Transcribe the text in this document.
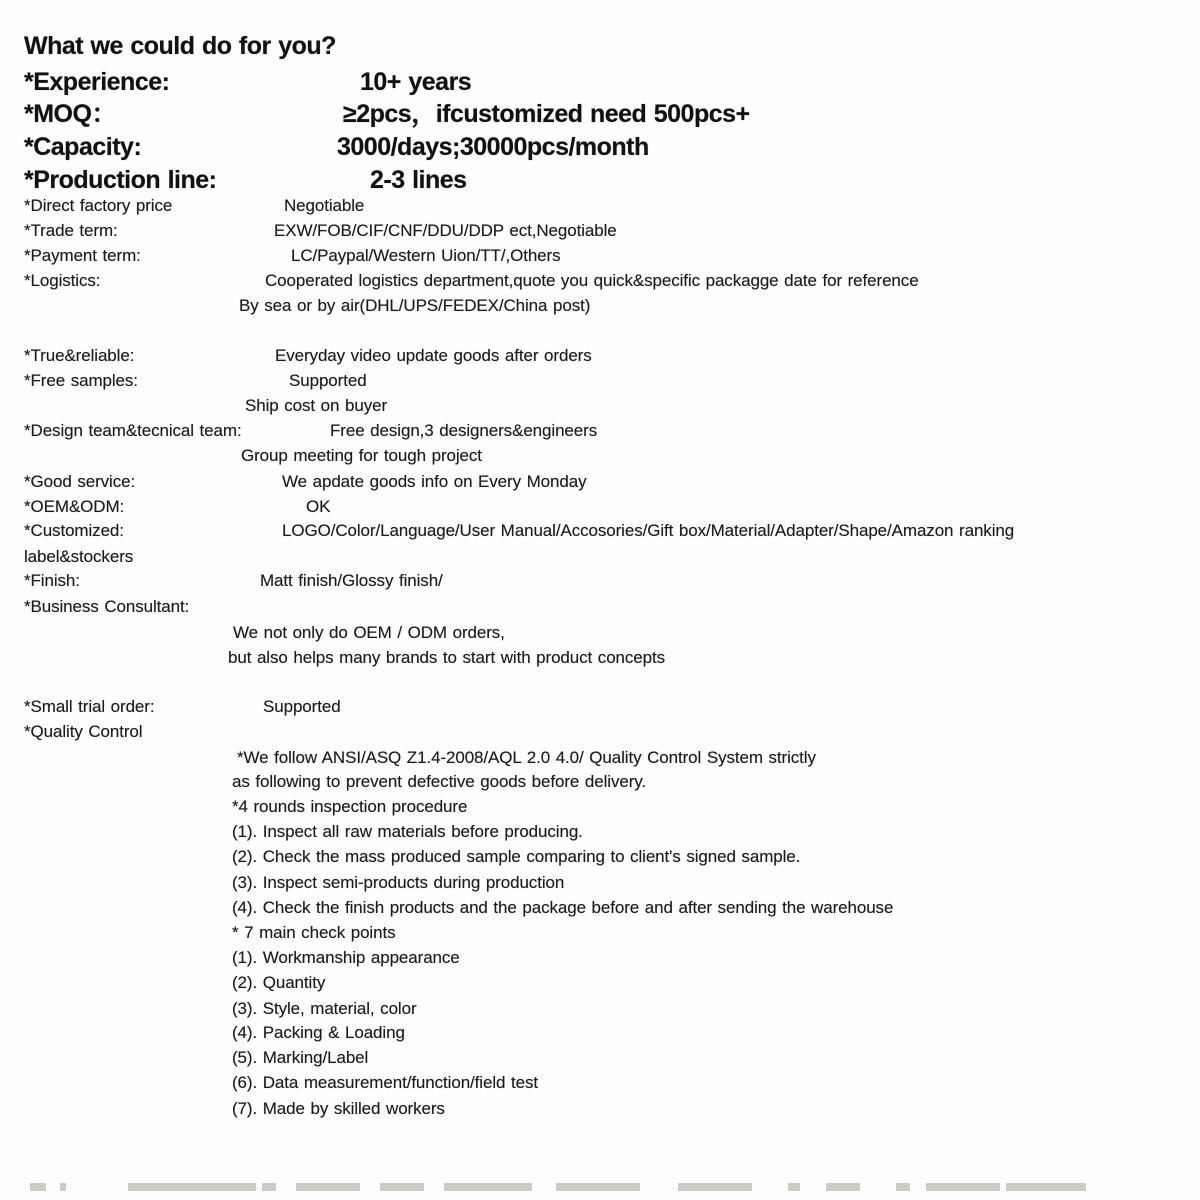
What we could do for you?
*Experience:	10+ years
*MOQ：	≥2pcs，ifcustomized need 500pcs+
*Capacity:	3000/days;30000pcs/month
*Production line:	2-3 lines
*Direct factory price	Negotiable
*Trade term:	EXW/FOB/CIF/CNF/DDU/DDP ect,Negotiable
*Payment term:	LC/Paypal/Western Uion/TT/,Others
*Logistics:	Cooperated logistics department,quote you quick&specific packagge date for reference
By sea or by air(DHL/UPS/FEDEX/China post)
*True&reliable:	Everyday video update goods after orders
*Free samples:	Supported
Ship cost on buyer
*Design team&tecnical team:	Free design,3 designers&engineers
Group meeting for tough project
*Good service:	We apdate goods info on Every Monday
*OEM&ODM:	OK
*Customized:	LOGO/Color/Language/User Manual/Accosories/Gift box/Material/Adapter/Shape/Amazon ranking
label&stockers
*Finish:	Matt finish/Glossy finish/
*Business Consultant:
We not only do OEM / ODM orders,
but also helps many brands to start with product concepts
*Small trial order:	Supported
*Quality Control
*We follow ANSI/ASQ Z1.4-2008/AQL 2.0 4.0/ Quality Control System strictly
as following to prevent defective goods before delivery.
*4 rounds inspection procedure
(1). Inspect all raw materials before producing.
(2). Check the mass produced sample comparing to client's signed sample.
(3). Inspect semi-products during production
(4). Check the finish products and the package before and after sending the warehouse
* 7 main check points
(1). Workmanship appearance
(2). Quantity
(3). Style, material, color
(4). Packing & Loading
(5). Marking/Label
(6). Data measurement/function/field test
(7). Made by skilled workers
